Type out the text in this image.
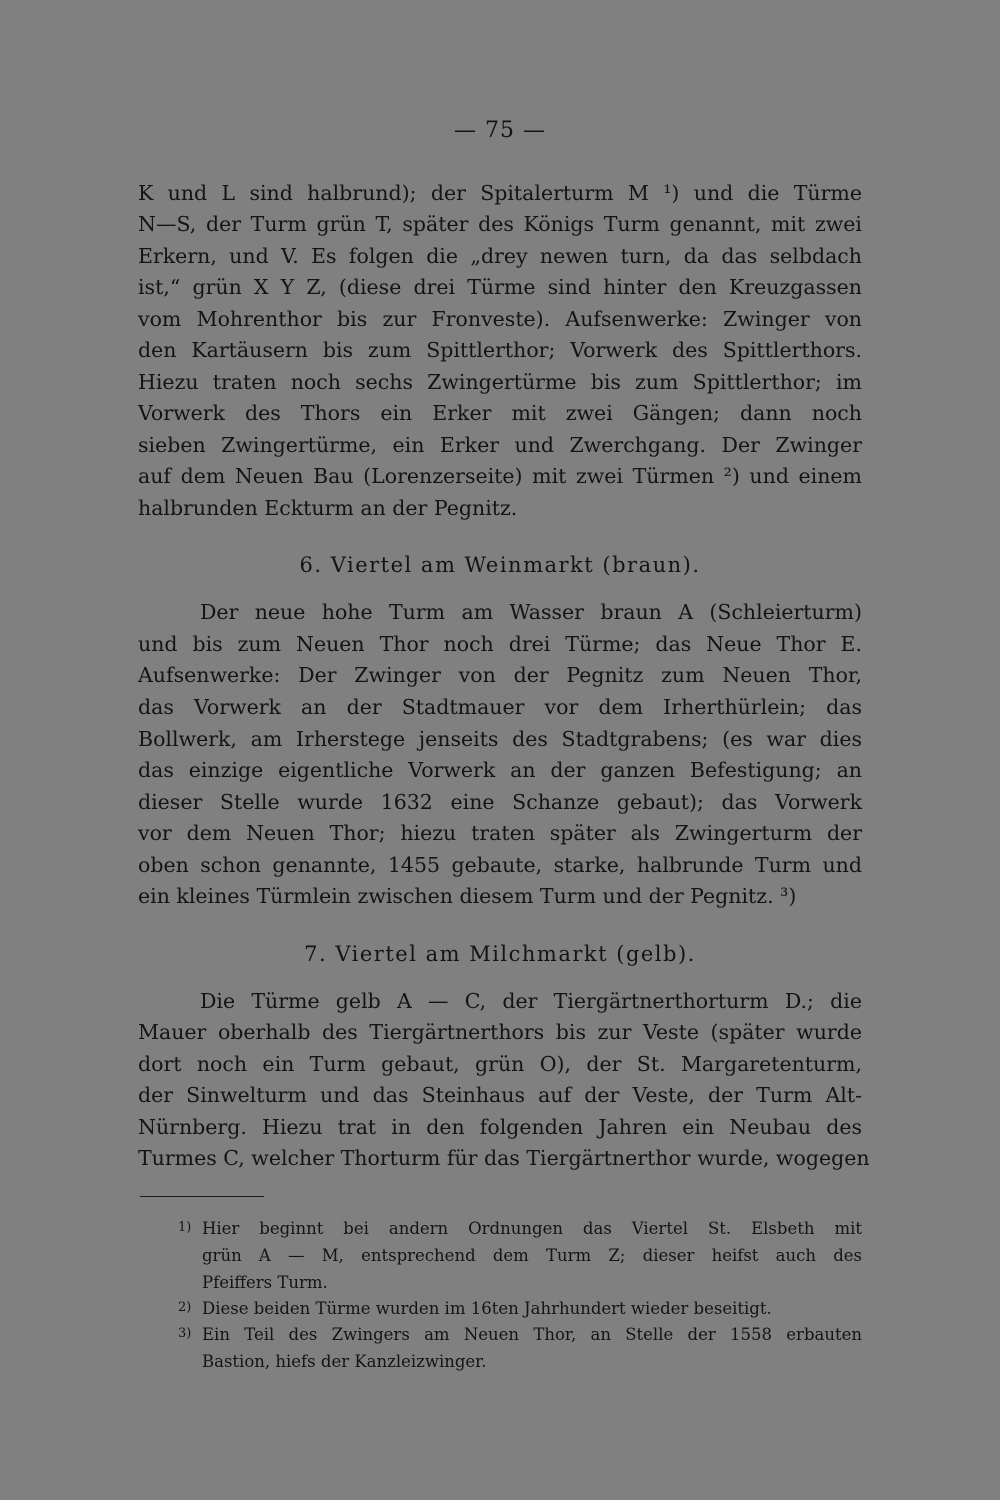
— 75 —
K und L sind halbrund); der Spitalerturm M ¹) und die Türme
N—S, der Turm grün T, später des Königs Turm genannt, mit zwei
Erkern, und V. Es folgen die „drey newen turn, da das selbdach
ist,“ grün X Y Z, (diese drei Türme sind hinter den Kreuzgassen
vom Mohrenthor bis zur Fronveste). Aufsenwerke: Zwinger von
den Kartäusern bis zum Spittlerthor; Vorwerk des Spittlerthors.
Hiezu traten noch sechs Zwingertürme bis zum Spittlerthor; im
Vorwerk des Thors ein Erker mit zwei Gängen; dann noch
sieben Zwingertürme, ein Erker und Zwerchgang. Der Zwinger
auf dem Neuen Bau (Lorenzerseite) mit zwei Türmen ²) und einem
halbrunden Eckturm an der Pegnitz.
6. Viertel am Weinmarkt (braun).
Der neue hohe Turm am Wasser braun A (Schleierturm)
und bis zum Neuen Thor noch drei Türme; das Neue Thor E.
Aufsenwerke: Der Zwinger von der Pegnitz zum Neuen Thor,
das Vorwerk an der Stadtmauer vor dem Irherthürlein; das
Bollwerk, am Irherstege jenseits des Stadtgrabens; (es war dies
das einzige eigentliche Vorwerk an der ganzen Befestigung; an
dieser Stelle wurde 1632 eine Schanze gebaut); das Vorwerk
vor dem Neuen Thor; hiezu traten später als Zwingerturm der
oben schon genannte, 1455 gebaute, starke, halbrunde Turm und
ein kleines Türmlein zwischen diesem Turm und der Pegnitz. ³)
7. Viertel am Milchmarkt (gelb).
Die Türme gelb A — C, der Tiergärtnerthorturm D.; die
Mauer oberhalb des Tiergärtnerthors bis zur Veste (später wurde
dort noch ein Turm gebaut, grün O), der St. Margaretenturm,
der Sinwelturm und das Steinhaus auf der Veste, der Turm Alt-
Nürnberg. Hiezu trat in den folgenden Jahren ein Neubau des
Turmes C, welcher Thorturm für das Tiergärtnerthor wurde, wogegen
1) Hier beginnt bei andern Ordnungen das Viertel St. Elsbeth mit
grün A — M, entsprechend dem Turm Z; dieser heifst auch des
Pfeiffers Turm.
2) Diese beiden Türme wurden im 16ten Jahrhundert wieder beseitigt.
3) Ein Teil des Zwingers am Neuen Thor, an Stelle der 1558 erbauten
Bastion, hiefs der Kanzleizwinger.
